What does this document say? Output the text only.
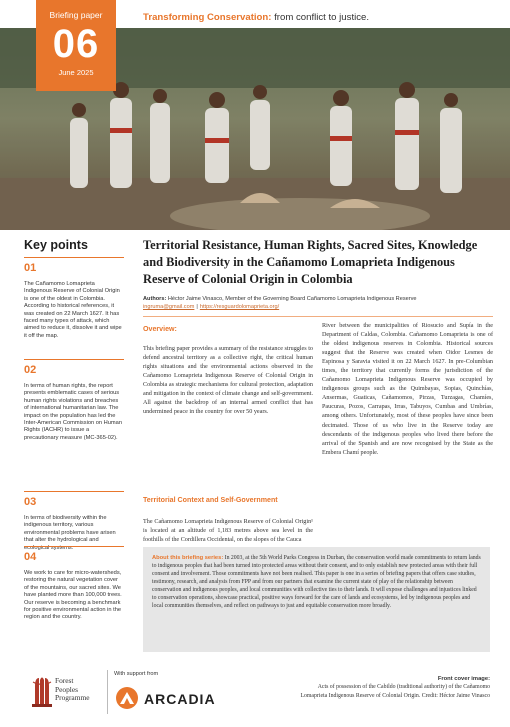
Transforming Conservation: from conflict to justice.
Briefing paper
06
June 2025
Key points
01
The Cañamomo Lomaprieta Indigenous Reserve of Colonial Origin is one of the oldest in Colombia. According to historical references, it was created on 22 March 1627. It has faced many types of attack, which aimed to reduce it, dissolve it and wipe it off the map.
02
In terms of human rights, the report presents emblematic cases of serious human rights violations and breaches of international humanitarian law. The impact on the population has led the Inter-American Commission on Human Rights (IACHR) to issue a precautionary measure (MC-365-02).
03
In terms of biodiversity within the indigenous territory, various environmental problems have arisen that alter the hydrological and ecological systems.
04
We work to care for micro-watersheds, restoring the natural vegetation cover of the mountains, our sacred sites. We have planted more than 100,000 trees. Our reserve is becoming a benchmark for positive environmental action in the region and the country.
Territorial Resistance, Human Rights, Sacred Sites, Knowledge and Biodiversity in the Cañamomo Lomaprieta Indigenous Reserve of Colonial Origin in Colombia
Authors: Héctor Jaime Vinasco, Member of the Governing Board Cañamomo Lomaprieta Indigenous Reserve
ingruma@gmail.com | https://resguardolomaprieta.org/
Overview:
This briefing paper provides a summary of the resistance struggles to defend ancestral territory as a collective right, the critical human rights situations and the environmental actions observed in the Cañamomo Lomaprieta Indigenous Reserve of Colonial Origin in Colombia as strategic mechanisms for cultural protection, adaptation and mitigation in the context of climate change and self-government. All against the backdrop of an internal armed conflict that has undermined peace in the country for over 50 years.
Territorial Context and Self-Government
The Cañamomo Lomaprieta Indigenous Reserve of Colonial Origin¹ is located at an altitude of 1,183 metres above sea level in the foothills of the Cordillera Occidental, on the slopes of the Cauca
River between the municipalities of Riosucio and Supía in the Department of Caldas, Colombia. Cañamomo Lomaprieta is one of the oldest indigenous reserves in Colombia. Historical sources suggest that the Reserve was created when Oidor Lesmes de Espinosa y Saravia visited it on 22 March 1627. In pre-Columbian times, the territory that currently forms the jurisdiction of the Cañamomo Lomaprieta Indigenous Reserve was occupied by indigenous groups such as the Quimbayas, Sopias, Quinchías, Ansermas, Guaticas, Cañamomos, Pirzas, Turzagas, Chamíes, Paucuras, Pozos, Carrapas, Irras, Tabuyos, Cumbas and Umbrías, among others. Unfortunately, most of these peoples have since been decimated. Those of us who live in the Reserve today are descendants of the indigenous peoples who lived there before the arrival of the Spanish and are now recognised by the State as the Embera Chamí people.
About this briefing series: In 2003, at the 5th World Parks Congress in Durban, the conservation world made commitments to return lands to indigenous peoples that had been turned into protected areas without their consent, and to only establish new protected areas with their full consent and involvement. Those commitments have not been realised. This paper is one in a series of briefing papers that offers case studies, testimony, research, and analysis from FPP and from our partners that examine the current state of play of the relationship between conservation and indigenous peoples, and local communities with collective ties to their lands. It will expose challenges and injustices linked to conservation operations, showcase practical, positive ways forward for the care of lands and ecosystems, led by indigenous peoples and local communities themselves, and reflect on pathways to just and equitable conservation more broadly.
Forest
Peoples
Programme
With support from
ARCADIA
Front cover image:
Acts of possession of the Cabildo (traditional authority) of the Cañamomo Lomaprieta Indigenous Reserve of Colonial Origin. Credit: Héctor Jaime Vinasco
